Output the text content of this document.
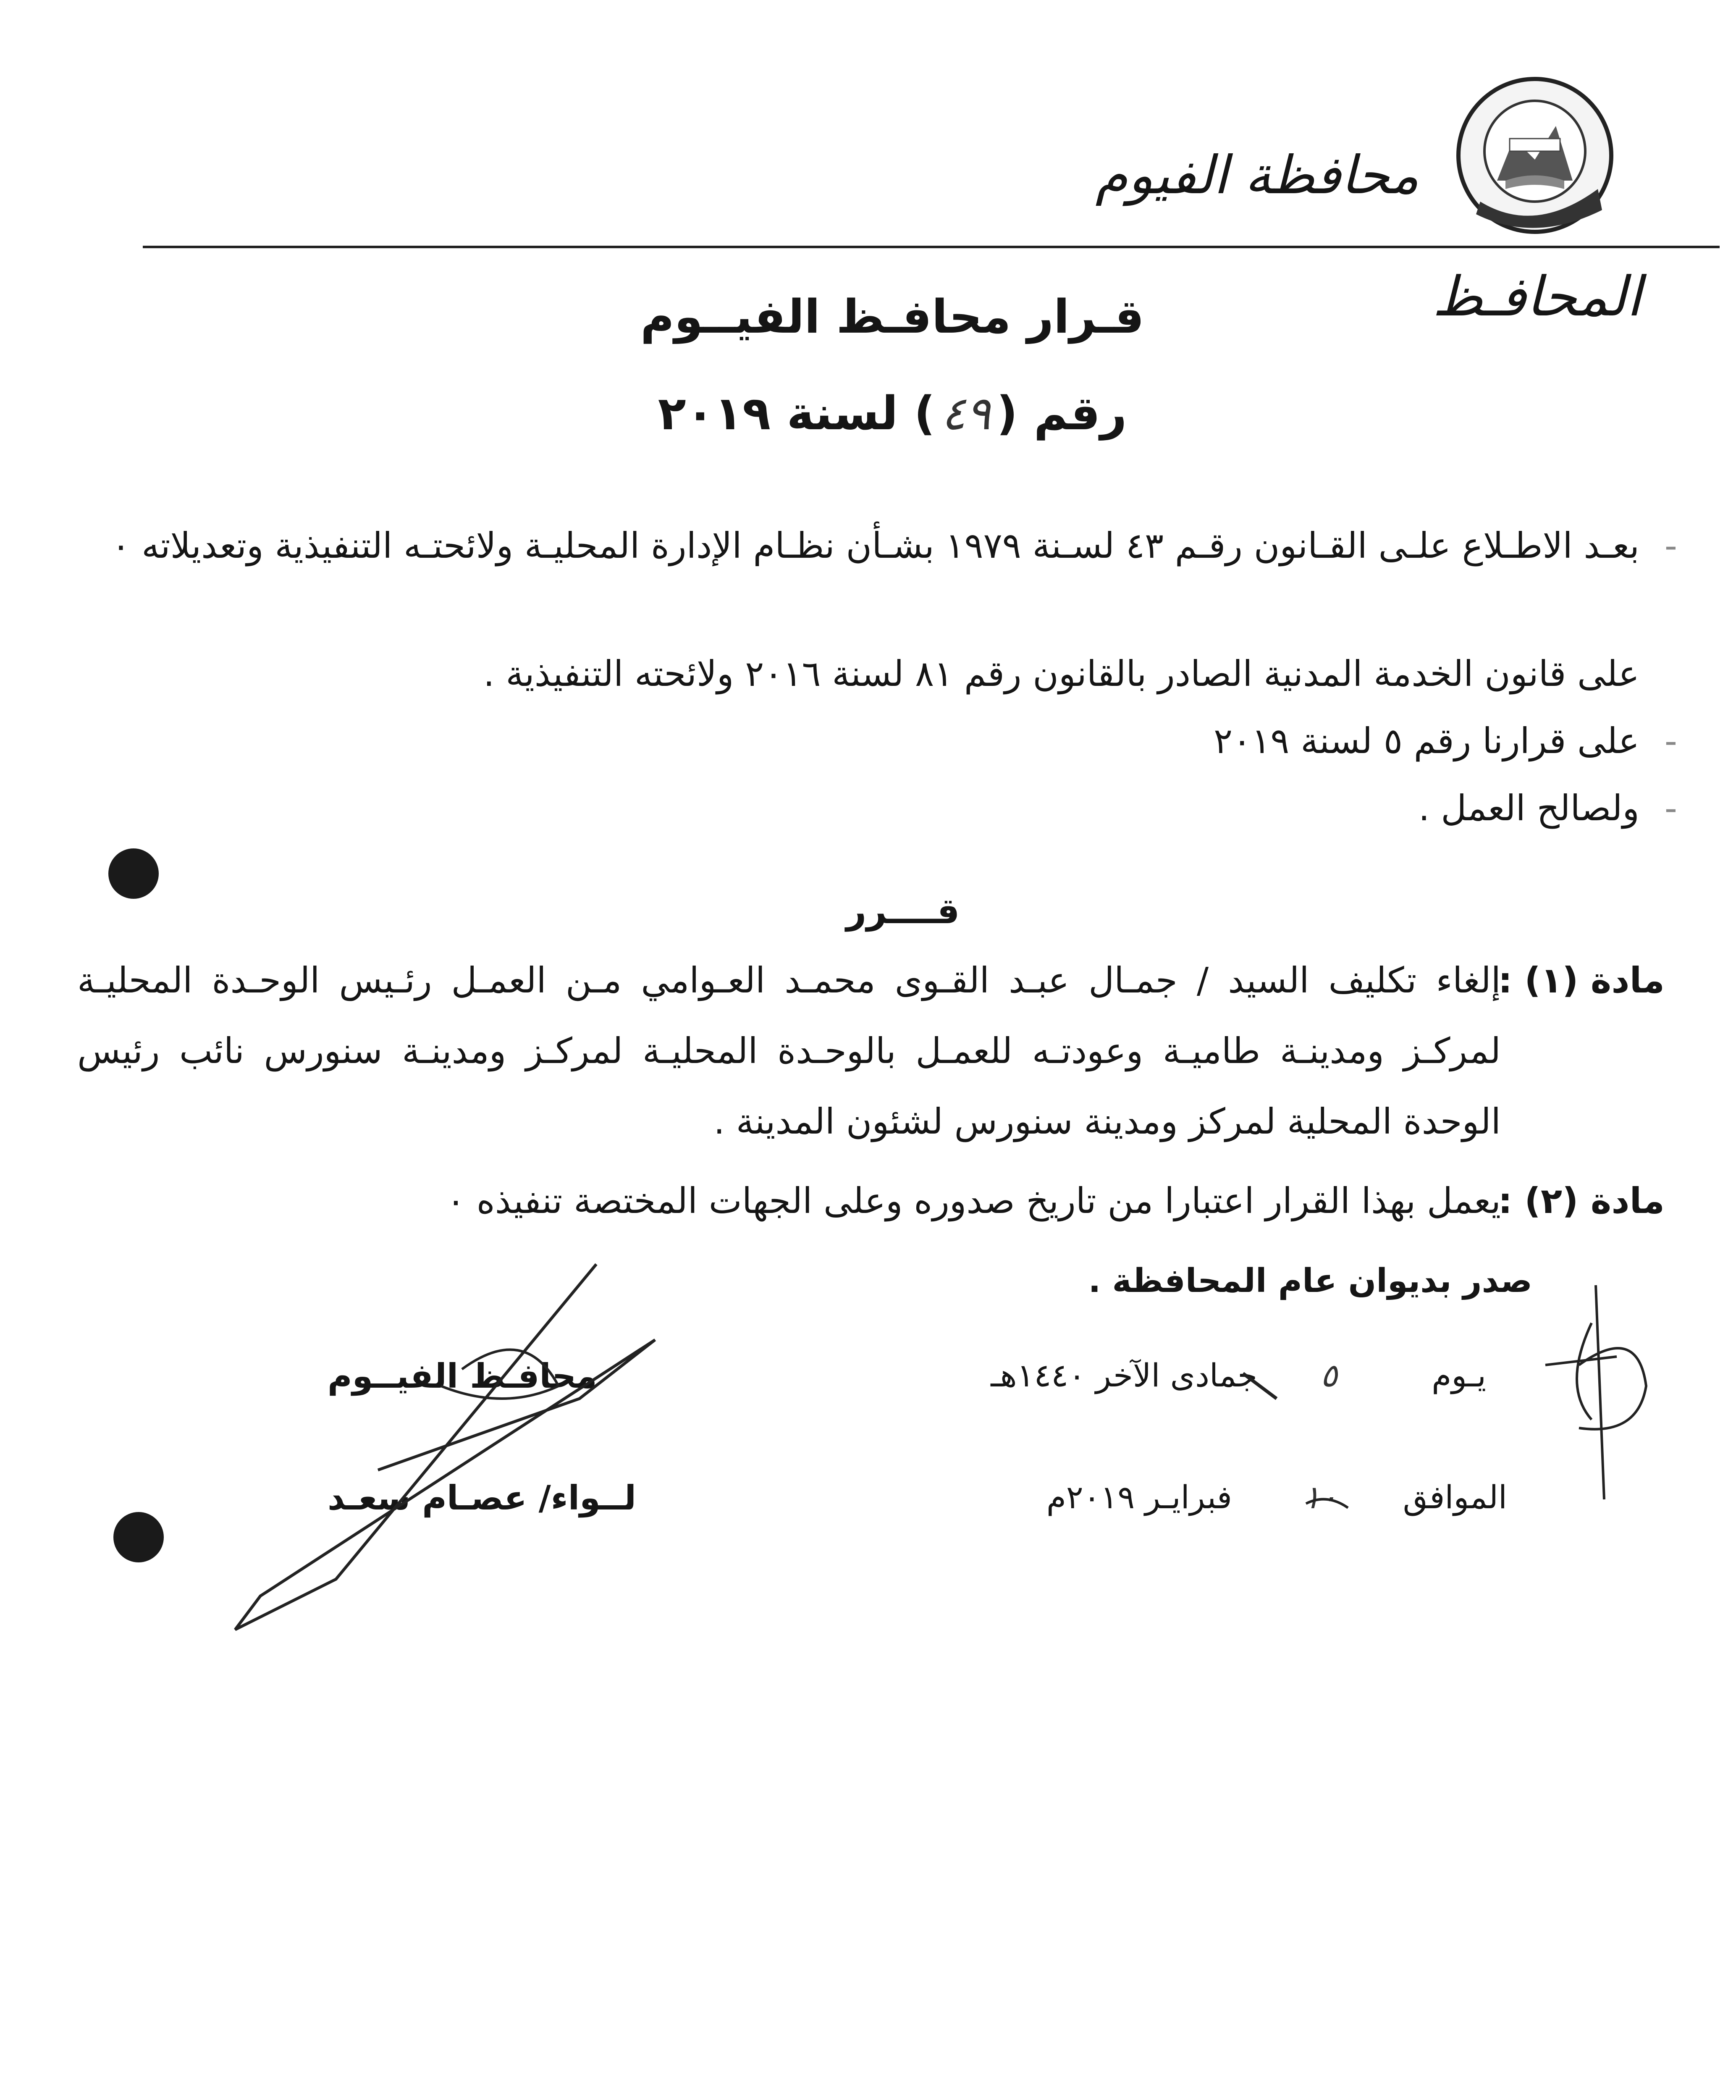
محافظة الفيوم
المحافـظ
قـرار محافـظ الفيــوم
رقم (٤٩) لسنة ٢٠١٩
-
بعـد الاطـلاع علـى القـانون رقـم ٤٣ لسـنة ١٩٧٩ بشـأن نظـام الإدارة المحليـة ولائحتـه التنفيذية وتعديلاته ٠
على قانون الخدمة المدنية الصادر بالقانون رقم ٨١ لسنة ٢٠١٦ ولائحته التنفيذية .
-
على قرارنا رقم ٥ لسنة ٢٠١٩
-
ولصالح العمل .
قــــرر
مادة (١) :
إلغاء تكليف السيد / جمـال عبـد القـوى محمـد العـوامي مـن العمـل رئـيس الوحـدة المحليـة لمركـز ومدينـة طاميـة وعودتـه للعمـل بالوحـدة المحليـة لمركـز ومدينـة سنورس نائب رئيس الوحدة المحلية لمركز ومدينة سنورس لشئون المدينة .
مادة (٢) :
يعمل بهذا القرار اعتبارا من تاريخ صدوره وعلى الجهات المختصة تنفيذه ٠
صدر بديوان عام المحافظة .
يـوم
٥
جمادى الآخر ١٤٤٠هـ
الموافق
١٠
فبرايـر ٢٠١٩م
محافـظ الفيــوم
لــواء/ عصـام سعـد
